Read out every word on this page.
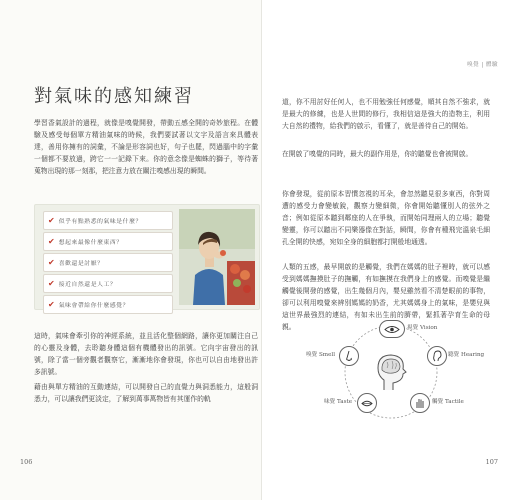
對氣味的感知練習

學習香氣設計的過程，就像是嗅覺開發，帶動五感全開的奇妙旅程。在體驗及感受每個單方精油氣味的時候，我們要試著以文字及語言來具體表達，善用你擁有的詞彙，不論是形容詞也好，句子也罷，閃過腦中的字彙一個都不要放過，跨它一一記錄下來。你的意念像是蜘蛛的獅子，等待著蒐物出現的那一刻那，把注意力放在關注嗅感出現的瞬間。

✔ 似乎有點熟悉的氣味是什麼？
✔ 想起來最像什麼東西？
✔ 喜歡還是討厭？
✔ 接近自然還是人工？
✔ 氣味會帶給你什麼感覺？

這時，氣味會牽引你的神經系統，並且活化整個網路，讓你更加關注自己的心靈及身體，去聆聽身體這個有機體發出的訊號。它向宇宙發出的訊號，除了當一個旁觀者觀察它，漸漸地你會發現，你也可以自由地發出許多訊號。

藉由與單方精油的互動連結，可以開發自己的直覺力與洞悉能力，這般洞悉力，可以讓我們更淡定，了解到萬事萬物皆有其運作的軌

106
嗅覺 | 體驗

道，你不用討好任何人，也不用勉強任何感覺，順其自然不強求，就是最大的修練，也是人世間的修行，我相信這是強大的造物主，利用大自然的禮物，給我們的啟示，看懂了，就是善待自己的開始。

在開啟了嗅覺的同時，最大的副作用是，你的聽覺也會被開啟。

你會發現，從前原本習慣忽視的耳朵，會忽然聽見很多東西，你對周遭的感受力會變敏銳，觀察力變細微，你會開始聽懂別人的弦外之音；例如從原本聽到鄰座的人在爭執，而開始同理兩人的立場；聽覺變靈，你可以聽出不同樂器像在對話，瞬間，你會有種飛完溫泉毛細孔全開的快感，宛如全身的細胞都打開般地通透。

人類的五感，最早開啟的是觸覺，我們在媽媽的肚子裡時，就可以感受到媽媽撫摸肚子的撫觸，有如撫摸在我們身上的感覺。而嗅覺是繼觸覺後開發的感覺，出生幾個月內，嬰兒雖然看不清楚眼前的事物，卻可以利用嗅覺來辨別媽媽的奶香，尤其媽媽身上的氣味，是嬰兒與這世界最強烈的連結，有如未出生前的臍帶，緊抓著孕育生命的母親。	視覺 Vision
聽覺 Hearing
觸覺 Tactile
味覺 Taste
嗅覺 Smell
107
